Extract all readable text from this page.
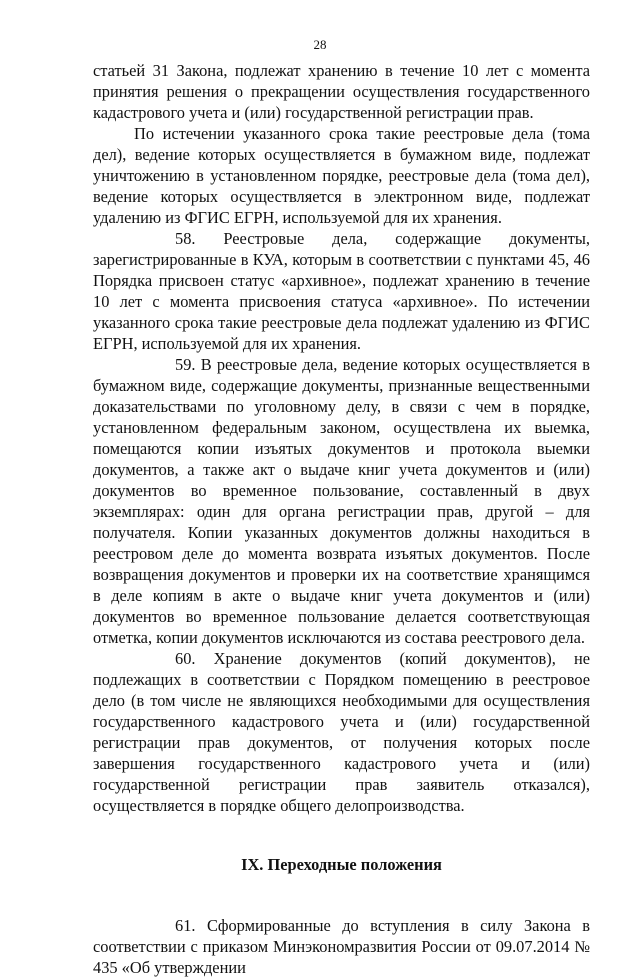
28

статьей 31 Закона, подлежат хранению в течение 10 лет с момента принятия решения о прекращении осуществления государственного кадастрового учета и (или) государственной регистрации прав.

По истечении указанного срока такие реестровые дела (тома дел), ведение которых осуществляется в бумажном виде, подлежат уничтожению в установленном порядке, реестровые дела (тома дел), ведение которых осуществляется в электронном виде, подлежат удалению из ФГИС ЕГРН, используемой для их хранения.

58. Реестровые дела, содержащие документы, зарегистрированные в КУА, которым в соответствии с пунктами 45, 46 Порядка присвоен статус «архивное», подлежат хранению в течение 10 лет с момента присвоения статуса «архивное». По истечении указанного срока такие реестровые дела подлежат удалению из ФГИС ЕГРН, используемой для их хранения.

59. В реестровые дела, ведение которых осуществляется в бумажном виде, содержащие документы, признанные вещественными доказательствами по уголовному делу, в связи с чем в порядке, установленном федеральным законом, осуществлена их выемка, помещаются копии изъятых документов и протокола выемки документов, а также акт о выдаче книг учета документов и (или) документов во временное пользование, составленный в двух экземплярах: один для органа регистрации прав, другой – для получателя. Копии указанных документов должны находиться в реестровом деле до момента возврата изъятых документов. После возвращения документов и проверки их на соответствие хранящимся в деле копиям в акте о выдаче книг учета документов и (или) документов во временное пользование делается соответствующая отметка, копии документов исключаются из состава реестрового дела.

60. Хранение документов (копий документов), не подлежащих в соответствии с Порядком помещению в реестровое дело (в том числе не являющихся необходимыми для осуществления государственного кадастрового учета и (или) государственной регистрации прав документов, от получения которых после завершения государственного кадастрового учета и (или) государственной регистрации прав заявитель отказался), осуществляется в порядке общего делопроизводства.

IX. Переходные положения

61. Сформированные до вступления в силу Закона в соответствии с приказом Минэкономразвития России от 09.07.2014 № 435 «Об утверждении
